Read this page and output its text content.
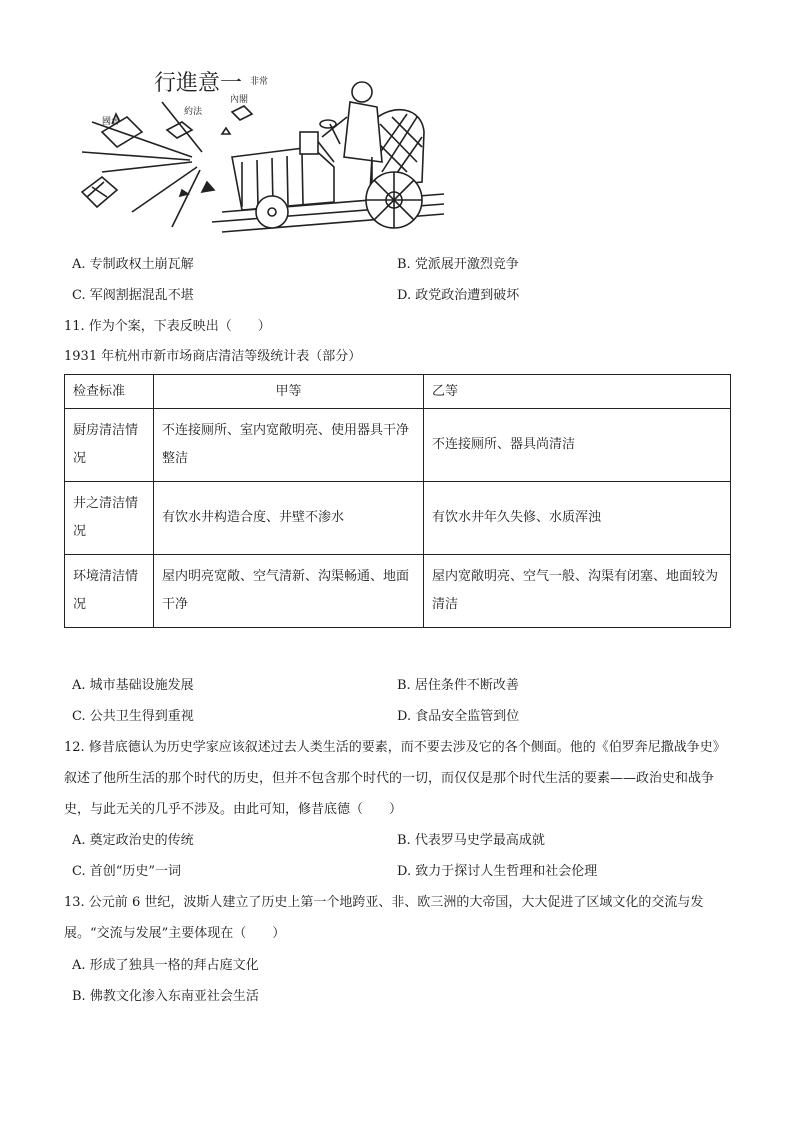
行進意一
國會
約法
內閣
非常
A. 专制政权土崩瓦解	B. 党派展开激烈竞争
C. 军阀割据混乱不堪	D. 政党政治遭到破坏
11. 作为个案，下表反映出（　　）
1931 年杭州市新市场商店清洁等级统计表（部分）
检查标准	甲等	乙等
厨房清洁情况	不连接厕所、室内宽敞明亮、使用器具干净整洁	不连接厕所、器具尚清洁
井之清洁情况	有饮水井构造合度、井壁不渗水	有饮水井年久失修、水质浑浊
环境清洁情况	屋内明亮宽敞、空气清新、沟渠畅通、地面干净	屋内宽敞明亮、空气一般、沟渠有闭塞、地面较为清洁
A. 城市基础设施发展	B. 居住条件不断改善
C. 公共卫生得到重视	D. 食品安全监管到位
12. 修昔底德认为历史学家应该叙述过去人类生活的要素，而不要去涉及它的各个侧面。他的《伯罗奔尼撒战争史》叙述了他所生活的那个时代的历史，但并不包含那个时代的一切，而仅仅是那个时代生活的要素——政治史和战争史，与此无关的几乎不涉及。由此可知，修昔底德（　　）
A. 奠定政治史的传统	B. 代表罗马史学最高成就
C. 首创“历史”一词	D. 致力于探讨人生哲理和社会伦理
13. 公元前 6 世纪，波斯人建立了历史上第一个地跨亚、非、欧三洲的大帝国，大大促进了区域文化的交流与发展。“交流与发展”主要体现在（　　）
A. 形成了独具一格的拜占庭文化
B. 佛教文化渗入东南亚社会生活
